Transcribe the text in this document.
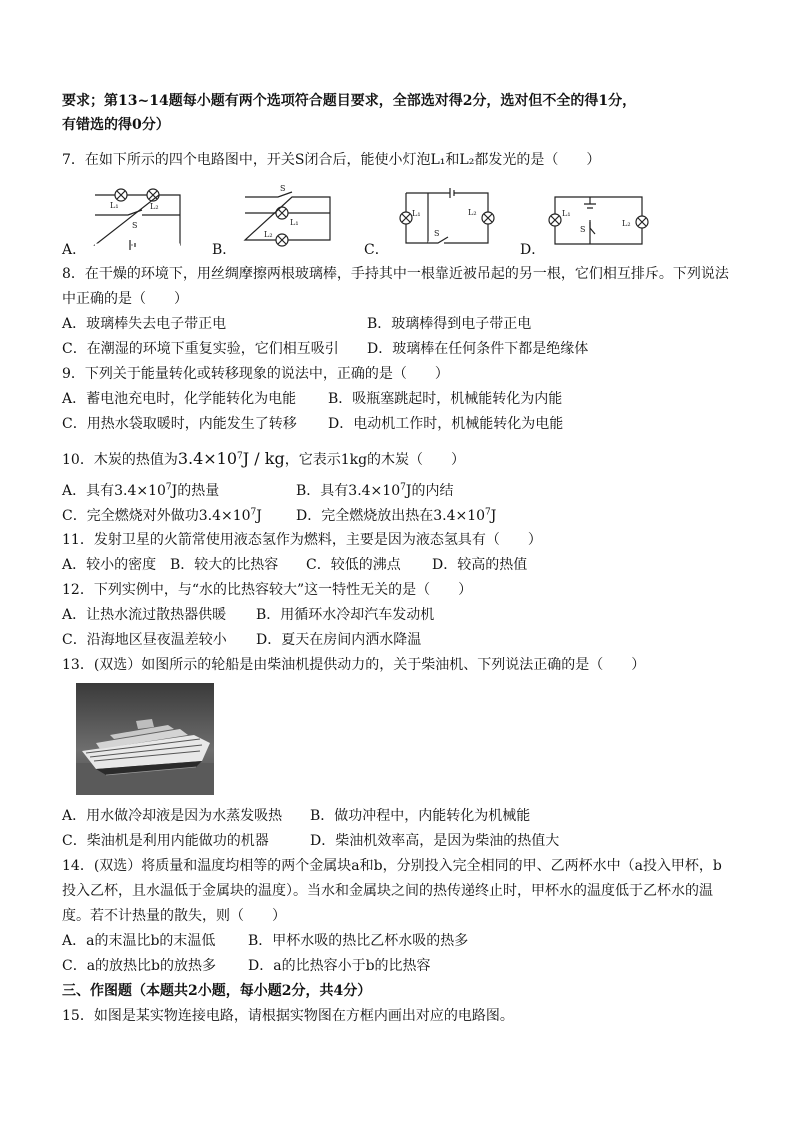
要求；第13~14题每小题有两个选项符合题目要求，全部选对得2分，选对但不全的得1分，
有错选的得0分）
7．在如下所示的四个电路图中，开关S闭合后，能使小灯泡L₁和L₂都发光的是（　　）
A．
L₁	L₂
S
B．
S
L₁
L₂
C．
L₁	L₂
S
D．
L₁
L₂
S
8．在干燥的环境下，用丝绸摩擦两根玻璃棒，手持其中一根靠近被吊起的另一根，它们相互排斥。下列说法
中正确的是（　　）
A．玻璃棒失去电子带正电	B．玻璃棒得到电子带正电
C．在潮湿的环境下重复实验，它们相互吸引 D．玻璃棒在任何条件下都是绝缘体
9．下列关于能量转化或转移现象的说法中，正确的是（　　）
A．蓄电池充电时，化学能转化为电能 B．吸瓶塞跳起时，机械能转化为内能
C．用热水袋取暖时，内能发生了转移 D．电动机工作时，机械能转化为电能
10．木炭的热值为$3.4\times 10^7J$ / kg，它表示1kg的木炭（　　）
A．具有$3.4\times 10^7J$的热量	B．具有$3.4\times 10^7J$的内结
C．完全燃烧对外做功$3.4\times 10^7J$ D．完全燃烧放出热在$3.4\times 10^7J$
11．发射卫星的火箭常使用液态氢作为燃料，主要是因为液态氢具有（　　）
A．较小的密度 B．较大的比热容 C．较低的沸点 D．较高的热值
12．下列实例中，与“水的比热容较大”这一特性无关的是（　　）
A．让热水流过散热器供暖 B．用循环水冷却汽车发动机
C．沿海地区昼夜温差较小 D．夏天在房间内洒水降温
13．(双选）如图所示的轮船是由柴油机提供动力的，关于柴油机、下列说法正确的是（　　）
A．用水做冷却液是因为水蒸发吸热 B．做功冲程中，内能转化为机械能
C．柴油机是利用内能做功的机器	D．柴油机效率高，是因为柴油的热值大
14．(双选）将质量和温度均相等的两个金属块a和b，分别投入完全相同的甲、乙两杯水中（a投入甲杯，b
投入乙杯，且水温低于金属块的温度）。当水和金属块之间的热传递终止时，甲杯水的温度低于乙杯水的温
度。若不计热量的散失，则（　　）
A．a的末温比b的末温低 B．甲杯水吸的热比乙杯水吸的热多
C．a的放热比b的放热多 D．a的比热容小于b的比热容
三、作图题（本题共2小题，每小题2分，共4分）
15．如图是某实物连接电路，请根据实物图在方框内画出对应的电路图。
